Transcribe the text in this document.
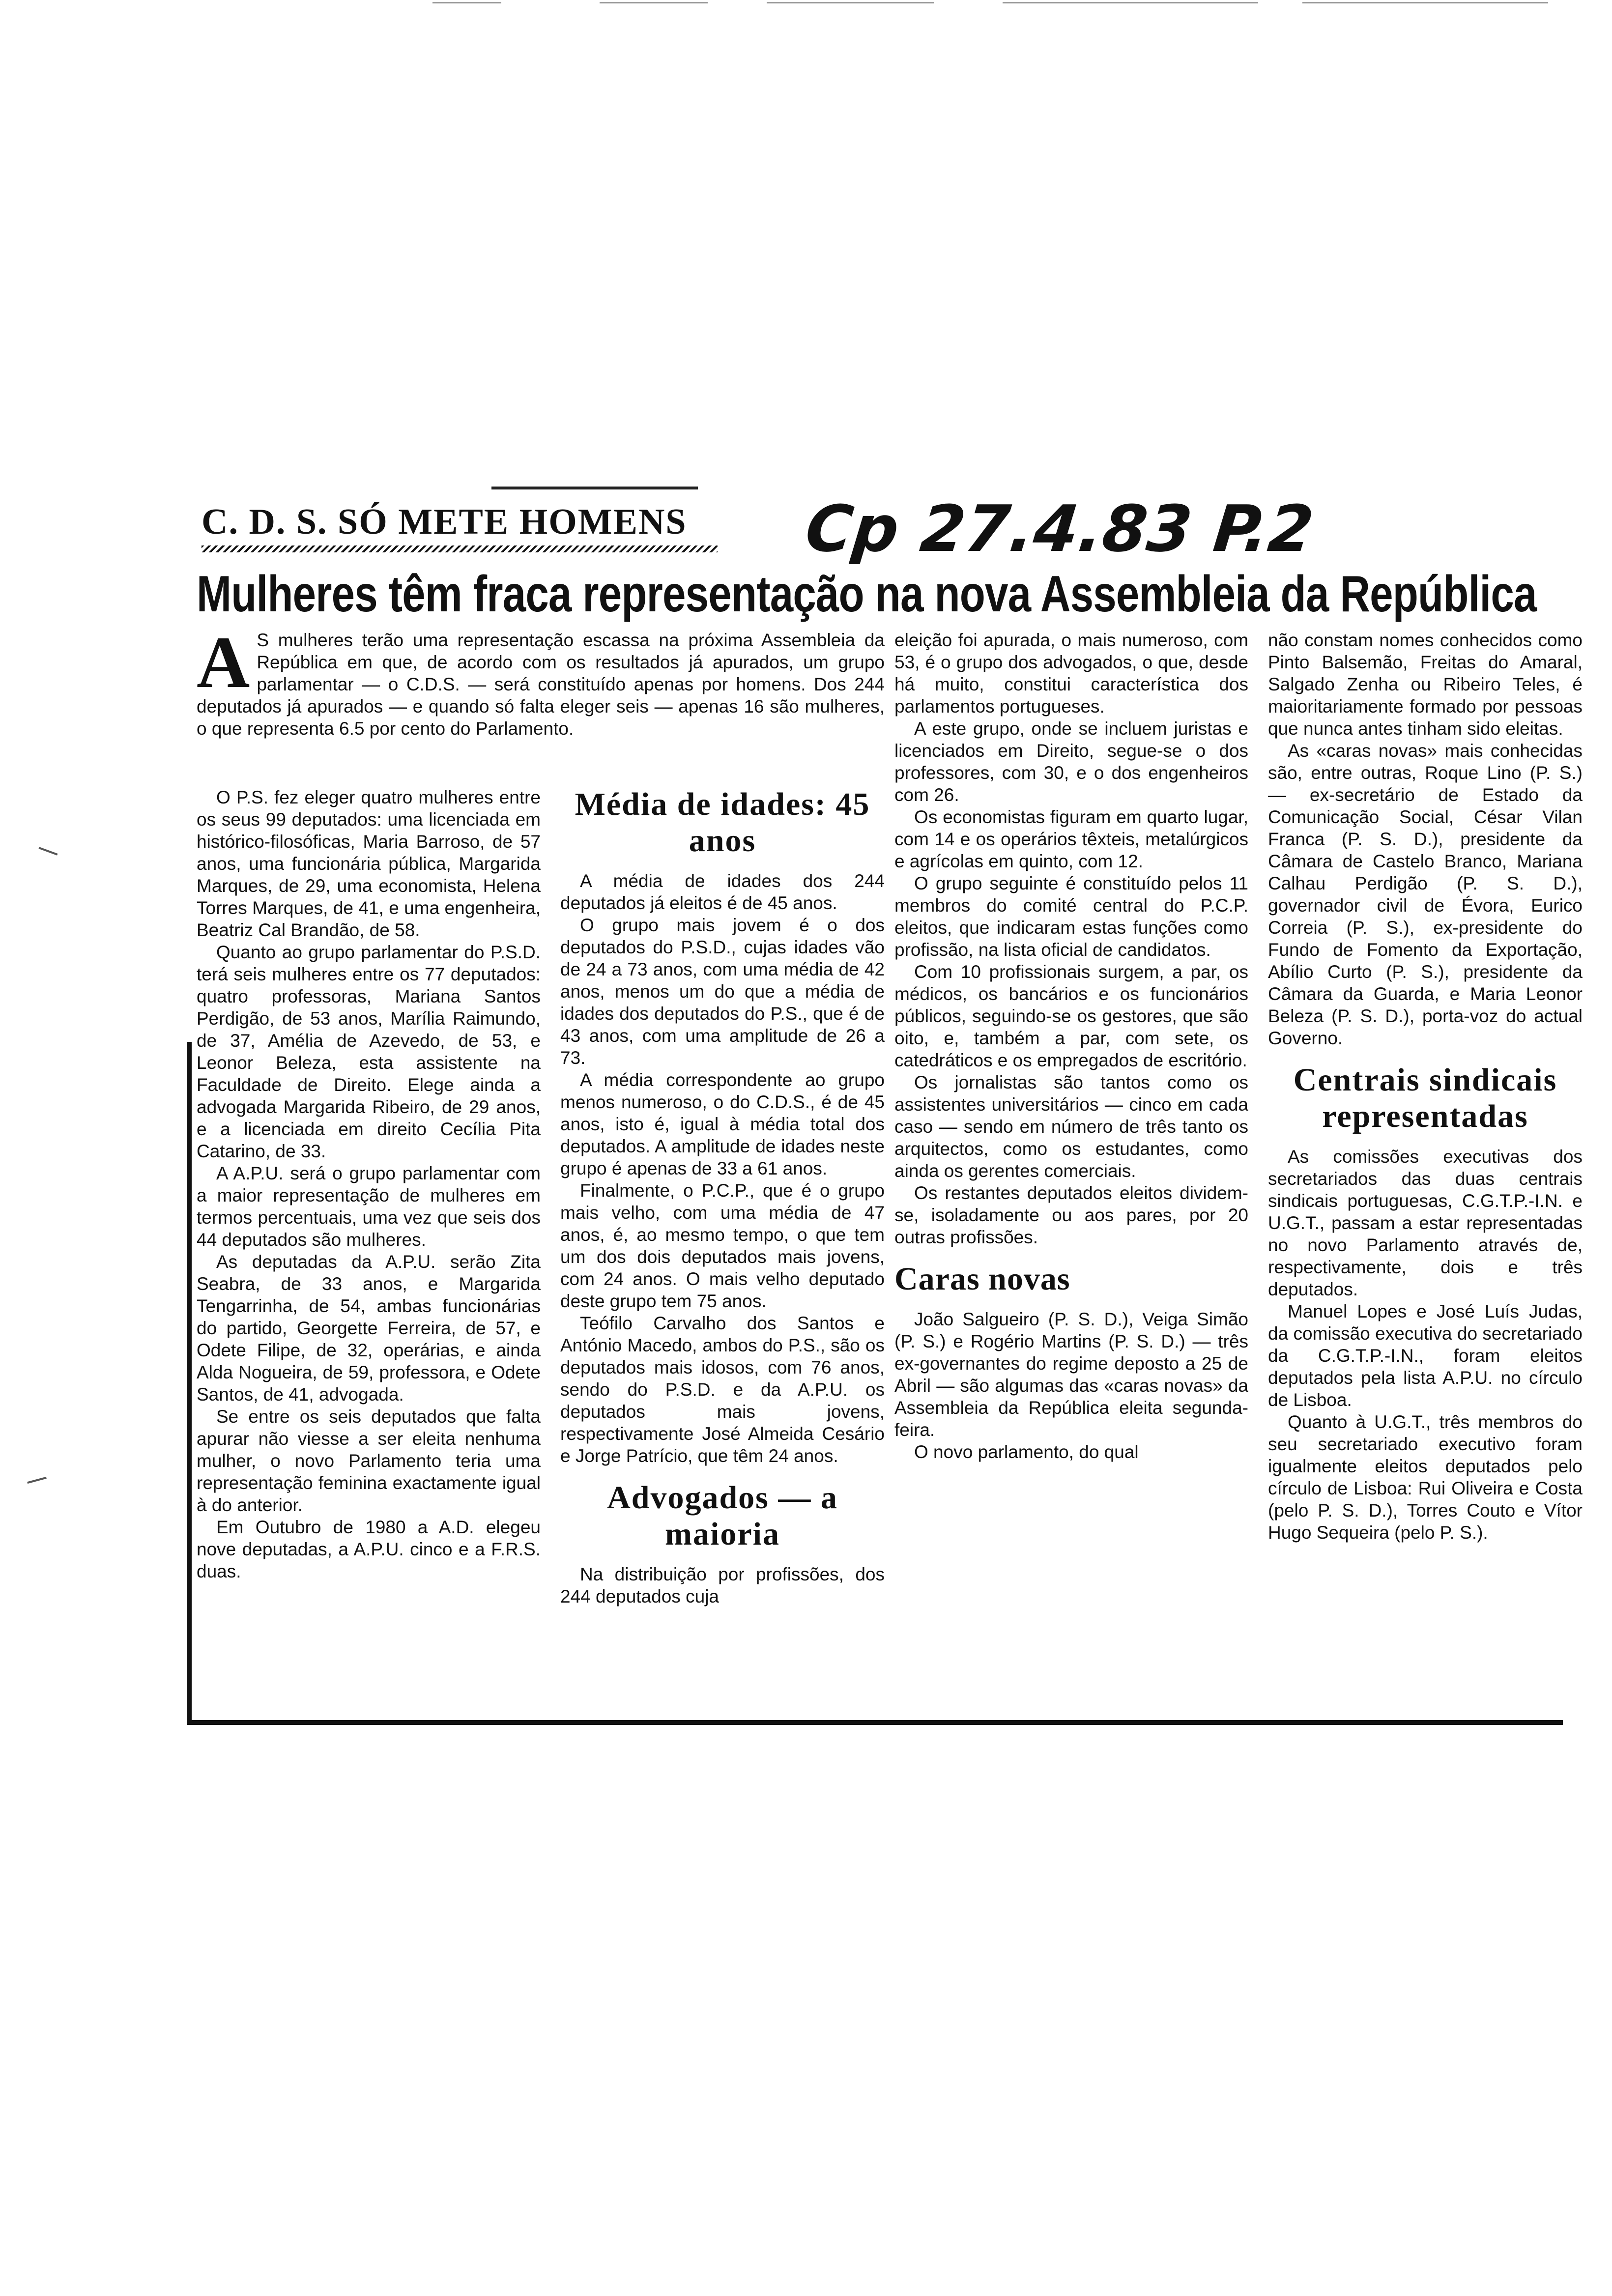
C. D. S. SÓ METE HOMENS Cp 27.4.83 P.2
Mulheres têm fraca representação na nova Assembleia da República
A S mulheres terão uma representação escassa na próxima Assembleia da República em que, de acordo com os resultados já apurados, um grupo parlamentar — o C.D.S. — será constituído apenas por homens. Dos 244 deputados já apurados — e quando só falta eleger seis — apenas 16 são mulheres, o que representa 6.5 por cento do Parlamento.

O P.S. fez eleger quatro mulheres entre os seus 99 deputados: uma licenciada em histórico-filosóficas, Maria Barroso, de 57 anos, uma funcionária pública, Margarida Marques, de 29, uma economista, Helena Torres Marques, de 41, e uma engenheira, Beatriz Cal Brandão, de 58.

Quanto ao grupo parlamentar do P.S.D. terá seis mulheres entre os 77 deputados: quatro professoras, Mariana Santos Perdigão, de 53 anos, Marília Raimundo, de 37, Amélia de Azevedo, de 53, e Leonor Beleza, esta assistente na Faculdade de Direito. Elege ainda a advogada Margarida Ribeiro, de 29 anos, e a licenciada em direito Cecília Pita Catarino, de 33.

A A.P.U. será o grupo parlamentar com a maior representação de mulheres em termos percentuais, uma vez que seis dos 44 deputados são mulheres.

As deputadas da A.P.U. serão Zita Seabra, de 33 anos, e Margarida Tengarrinha, de 54, ambas funcionárias do partido, Georgette Ferreira, de 57, e Odete Filipe, de 32, operárias, e ainda Alda Nogueira, de 59, professora, e Odete Santos, de 41, advogada.

Se entre os seis deputados que falta apurar não viesse a ser eleita nenhuma mulher, o novo Parlamento teria uma representação feminina exactamente igual à do anterior.

Em Outubro de 1980 a A.D. elegeu nove deputadas, a A.P.U. cinco e a F.R.S. duas.

Média de idades: 45 anos

A média de idades dos 244 deputados já eleitos é de 45 anos.

O grupo mais jovem é o dos deputados do P.S.D., cujas idades vão de 24 a 73 anos, com uma média de 42 anos, menos um do que a média de idades dos deputados do P.S., que é de 43 anos, com uma amplitude de 26 a 73.

A média correspondente ao grupo menos numeroso, o do C.D.S., é de 45 anos, isto é, igual à média total dos deputados. A amplitude de idades neste grupo é apenas de 33 a 61 anos.

Finalmente, o P.C.P., que é o grupo mais velho, com uma média de 47 anos, é, ao mesmo tempo, o que tem um dos dois deputados mais jovens, com 24 anos. O mais velho deputado deste grupo tem 75 anos.

Teófilo Carvalho dos Santos e António Macedo, ambos do P.S., são os deputados mais idosos, com 76 anos, sendo do P.S.D. e da A.P.U. os deputados mais jovens, respectivamente José Almeida Cesário e Jorge Patrício, que têm 24 anos.

Advogados — a maioria

Na distribuição por profissões, dos 244 deputados cuja

eleição foi apurada, o mais numeroso, com 53, é o grupo dos advogados, o que, desde há muito, constitui característica dos parlamentos portugueses.

A este grupo, onde se incluem juristas e licenciados em Direito, segue-se o dos professores, com 30, e o dos engenheiros com 26.

Os economistas figuram em quarto lugar, com 14 e os operários têxteis, metalúrgicos e agrícolas em quinto, com 12.

O grupo seguinte é constituído pelos 11 membros do comité central do P.C.P. eleitos, que indicaram estas funções como profissão, na lista oficial de candidatos.

Com 10 profissionais surgem, a par, os médicos, os bancários e os funcionários públicos, seguindo-se os gestores, que são oito, e, também a par, com sete, os catedráticos e os empregados de escritório.

Os jornalistas são tantos como os assistentes universitários — cinco em cada caso — sendo em número de três tanto os arquitectos, como os estudantes, como ainda os gerentes comerciais.

Os restantes deputados eleitos dividem-se, isoladamente ou aos pares, por 20 outras profissões.

Caras novas

João Salgueiro (P. S. D.), Veiga Simão (P. S.) e Rogério Martins (P. S. D.) — três ex-governantes do regime deposto a 25 de Abril — são algumas das «caras novas» da Assembleia da República eleita segunda-feira.

O novo parlamento, do qual

não constam nomes conhecidos como Pinto Balsemão, Freitas do Amaral, Salgado Zenha ou Ribeiro Teles, é maioritariamente formado por pessoas que nunca antes tinham sido eleitas.

As «caras novas» mais conhecidas são, entre outras, Roque Lino (P. S.) — ex-secretário de Estado da Comunicação Social, César Vilan Franca (P. S. D.), presidente da Câmara de Castelo Branco, Mariana Calhau Perdigão (P. S. D.), governador civil de Évora, Eurico Correia (P. S.), ex-presidente do Fundo de Fomento da Exportação, Abílio Curto (P. S.), presidente da Câmara da Guarda, e Maria Leonor Beleza (P. S. D.), porta-voz do actual Governo.

Centrais sindicais representadas

As comissões executivas dos secretariados das duas centrais sindicais portuguesas, C.G.T.P.-I.N. e U.G.T., passam a estar representadas no novo Parlamento através de, respectivamente, dois e três deputados.

Manuel Lopes e José Luís Judas, da comissão executiva do secretariado da C.G.T.P.-I.N., foram eleitos deputados pela lista A.P.U. no círculo de Lisboa.

Quanto à U.G.T., três membros do seu secretariado executivo foram igualmente eleitos deputados pelo círculo de Lisboa: Rui Oliveira e Costa (pelo P. S. D.), Torres Couto e Vítor Hugo Sequeira (pelo P. S.).
